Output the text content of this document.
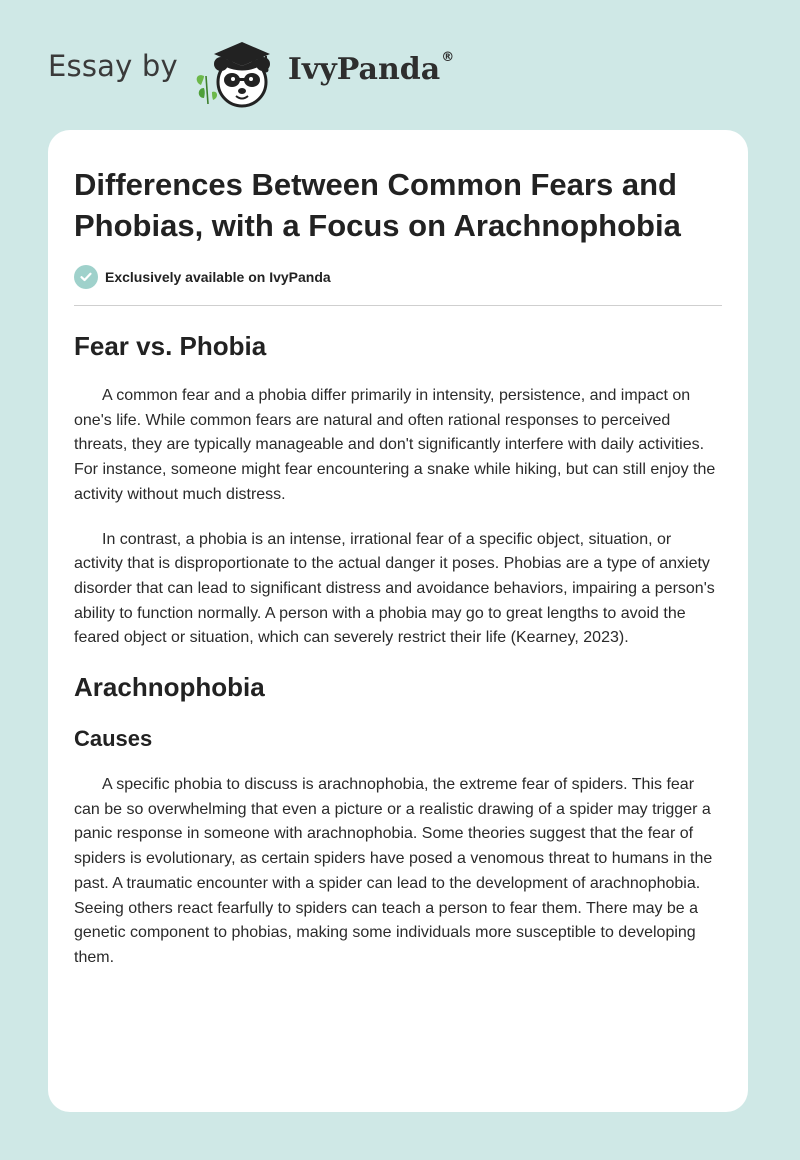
Essay by	IvyPanda®
Differences Between Common Fears and Phobias, with a Focus on Arachnophobia
Exclusively available on IvyPanda
Fear vs. Phobia

A common fear and a phobia differ primarily in intensity, persistence, and impact on one's life. While common fears are natural and often rational responses to perceived threats, they are typically manageable and don't significantly interfere with daily activities. For instance, someone might fear encountering a snake while hiking, but can still enjoy the activity without much distress.

In contrast, a phobia is an intense, irrational fear of a specific object, situation, or activity that is disproportionate to the actual danger it poses. Phobias are a type of anxiety disorder that can lead to significant distress and avoidance behaviors, impairing a person's ability to function normally. A person with a phobia may go to great lengths to avoid the feared object or situation, which can severely restrict their life (Kearney, 2023).

Arachnophobia
Causes

A specific phobia to discuss is arachnophobia, the extreme fear of spiders. This fear can be so overwhelming that even a picture or a realistic drawing of a spider may trigger a panic response in someone with arachnophobia. Some theories suggest that the fear of spiders is evolutionary, as certain spiders have posed a venomous threat to humans in the past. A traumatic encounter with a spider can lead to the development of arachnophobia. Seeing others react fearfully to spiders can teach a person to fear them. There may be a genetic component to phobias, making some individuals more susceptible to developing them.
